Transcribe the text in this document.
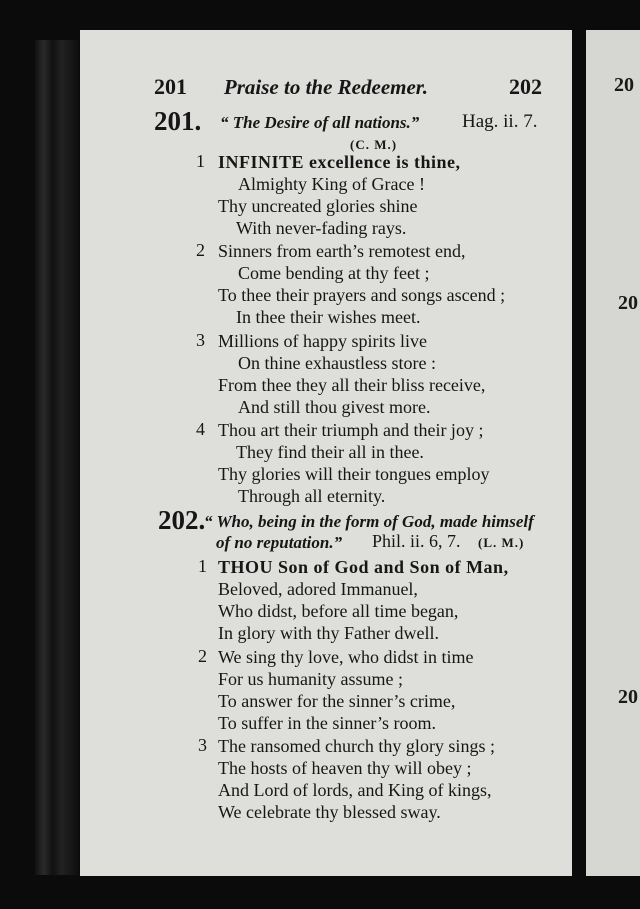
20
20
20
201	Praise to the Redeemer.	202
201. “ The Desire of all nations.” Hag. ii. 7.
(C. M.)
1 INFINITE excellence is thine,
Almighty King of Grace !
Thy uncreated glories shine
With never-fading rays.
2 Sinners from earth’s remotest end,
Come bending at thy feet ;
To thee their prayers and songs ascend ;
In thee their wishes meet.
3 Millions of happy spirits live
On thine exhaustless store :
From thee they all their bliss receive,
And still thou givest more.
4 Thou art their triumph and their joy ;
They find their all in thee.
Thy glories will their tongues employ
Through all eternity.
202.
“ Who, being in the form of God, made himself
of no reputation.” Phil. ii. 6, 7. (L. M.)
1 THOU Son of God and Son of Man,
Beloved, adored Immanuel,
Who didst, before all time began,
In glory with thy Father dwell.
2 We sing thy love, who didst in time
For us humanity assume ;
To answer for the sinner’s crime,
To suffer in the sinner’s room.
3 The ransomed church thy glory sings ;
The hosts of heaven thy will obey ;
And Lord of lords, and King of kings,
We celebrate thy blessed sway.
